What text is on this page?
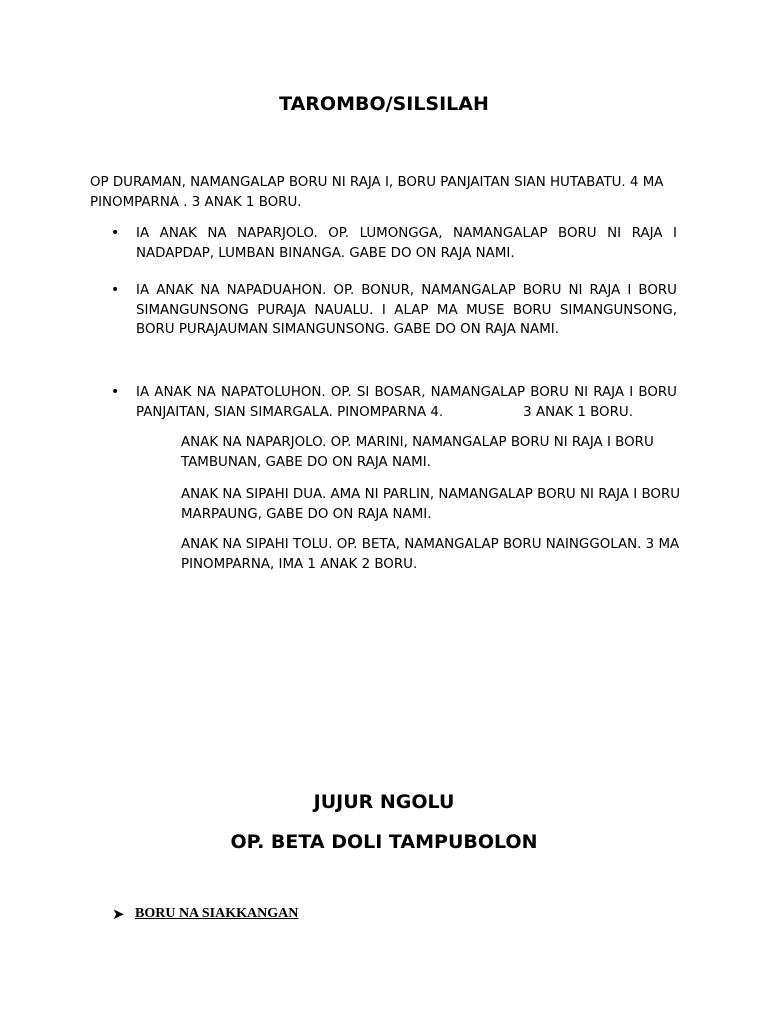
TAROMBO/SILSILAH

OP DURAMAN, NAMANGALAP BORU NI RAJA I, BORU PANJAITAN SIAN HUTABATU. 4 MA PINOMPARNA . 3 ANAK 1 BORU.

• IA ANAK NA NAPARJOLO. OP. LUMONGGA, NAMANGALAP BORU NI RAJA I NADAPDAP, LUMBAN BINANGA. GABE DO ON RAJA NAMI.

• IA ANAK NA NAPADUAHON. OP. BONUR, NAMANGALAP BORU NI RAJA I BORU SIMANGUNSONG PURAJA NAUALU. I ALAP MA MUSE BORU SIMANGUNSONG, BORU PURAJAUMAN SIMANGUNSONG. GABE DO ON RAJA NAMI.

• IA ANAK NA NAPATOLUHON. OP. SI BOSAR, NAMANGALAP BORU NI RAJA I BORU PANJAITAN, SIAN SIMARGALA. PINOMPARNA 4.	3 ANAK 1 BORU.

ANAK NA NAPARJOLO. OP. MARINI, NAMANGALAP BORU NI RAJA I BORU TAMBUNAN, GABE DO ON RAJA NAMI.

ANAK NA SIPAHI DUA. AMA NI PARLIN, NAMANGALAP BORU NI RAJA I BORU MARPAUNG, GABE DO ON RAJA NAMI.

ANAK NA SIPAHI TOLU. OP. BETA, NAMANGALAP BORU NAINGGOLAN. 3 MA PINOMPARNA, IMA 1 ANAK 2 BORU.

JUJUR NGOLU
OP. BETA DOLI TAMPUBOLON
➤ BORU NA SIAKKANGAN
